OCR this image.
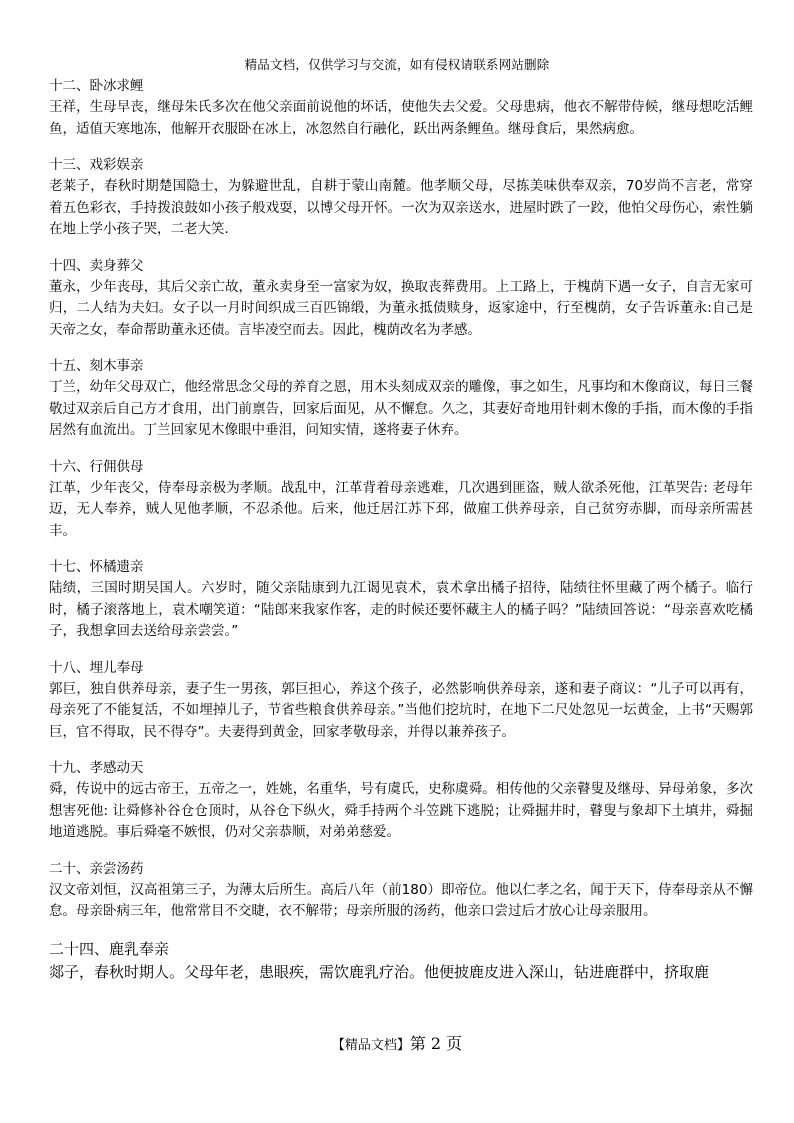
精品文档，仅供学习与交流，如有侵权请联系网站删除
十二、卧冰求鲤
王祥，生母早丧，继母朱氏多次在他父亲面前说他的坏话，使他失去父爱。父母患病，他衣不解带侍候，继母想吃活鲤鱼，适值天寒地冻，他解开衣服卧在冰上，冰忽然自行融化，跃出两条鲤鱼。继母食后，果然病愈。
十三、戏彩娱亲
老莱子，春秋时期楚国隐士，为躲避世乱，自耕于蒙山南麓。他孝顺父母，尽拣美味供奉双亲，70岁尚不言老，常穿着五色彩衣，手持拨浪鼓如小孩子般戏耍，以博父母开怀。一次为双亲送水，进屋时跌了一跤，他怕父母伤心，索性躺在地上学小孩子哭，二老大笑.
十四、卖身葬父
董永，少年丧母，其后父亲亡故，董永卖身至一富家为奴，换取丧葬费用。上工路上，于槐荫下遇一女子，自言无家可归，二人结为夫妇。女子以一月时间织成三百匹锦缎，为董永抵债赎身，返家途中，行至槐荫，女子告诉董永:自己是天帝之女，奉命帮助董永还债。言毕凌空而去。因此，槐荫改名为孝感。
十五、刻木事亲
丁兰，幼年父母双亡，他经常思念父母的养育之恩，用木头刻成双亲的雕像，事之如生，凡事均和木像商议，每日三餐敬过双亲后自己方才食用，出门前禀告，回家后面见，从不懈怠。久之，其妻好奇地用针刺木像的手指，而木像的手指居然有血流出。丁兰回家见木像眼中垂泪，问知实情，遂将妻子休弃。
十六、行佣供母
江革，少年丧父，侍奉母亲极为孝顺。战乱中，江革背着母亲逃难，几次遇到匪盗，贼人欲杀死他，江革哭告: 老母年迈，无人奉养，贼人见他孝顺，不忍杀他。后来，他迁居江苏下邳，做雇工供养母亲，自己贫穷赤脚，而母亲所需甚丰。
十七、怀橘遗亲
陆绩，三国时期吴国人。六岁时，随父亲陆康到九江谒见袁术，袁术拿出橘子招待，陆绩往怀里藏了两个橘子。临行时，橘子滚落地上，袁术嘲笑道：“陆郎来我家作客，走的时候还要怀藏主人的橘子吗？”陆绩回答说：“母亲喜欢吃橘子，我想拿回去送给母亲尝尝。”
十八、埋儿奉母
郭巨，独自供养母亲，妻子生一男孩，郭巨担心，养这个孩子，必然影响供养母亲，遂和妻子商议：“儿子可以再有，母亲死了不能复活，不如埋掉儿子，节省些粮食供养母亲。”当他们挖坑时，在地下二尺处忽见一坛黄金，上书“天赐郭巨，官不得取，民不得夺”。夫妻得到黄金，回家孝敬母亲，并得以兼养孩子。
十九、孝感动天
舜，传说中的远古帝王，五帝之一，姓姚，名重华，号有虞氏，史称虞舜。相传他的父亲瞽叟及继母、异母弟象，多次想害死他: 让舜修补谷仓仓顶时，从谷仓下纵火，舜手持两个斗笠跳下逃脱；让舜掘井时，瞽叟与象却下土填井，舜掘地道逃脱。事后舜毫不嫉恨，仍对父亲恭顺，对弟弟慈爱。
二十、亲尝汤药
汉文帝刘恒，汉高祖第三子，为薄太后所生。高后八年（前180）即帝位。他以仁孝之名，闻于天下，侍奉母亲从不懈怠。母亲卧病三年，他常常目不交睫，衣不解带；母亲所服的汤药，他亲口尝过后才放心让母亲服用。
二十四、鹿乳奉亲
郯子，春秋时期人。父母年老，患眼疾，需饮鹿乳疗治。他便披鹿皮进入深山，钻进鹿群中，挤取鹿
【精品文档】第 2 页
